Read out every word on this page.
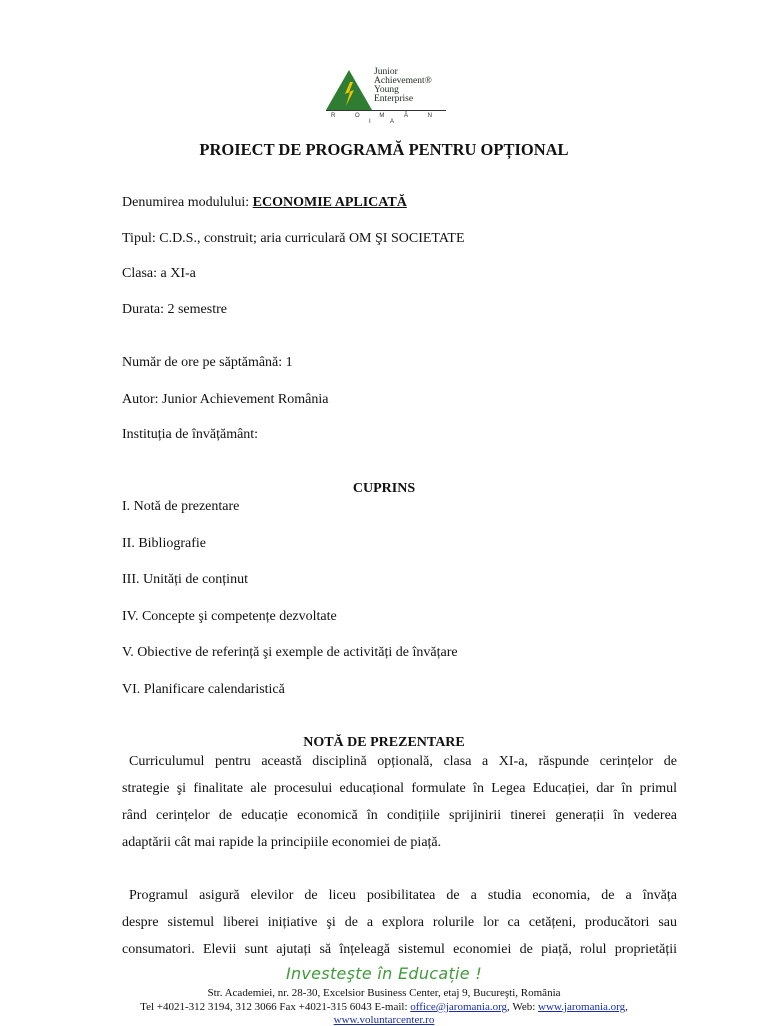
Junior
Achievement®
Young
Enterprise
R O M Â N I A
PROIECT DE PROGRAMĂ PENTRU OPȚIONAL
Denumirea modulului: ECONOMIE APLICATĂ
Tipul: C.D.S., construit; aria curriculară OM ŞI SOCIETATE
Clasa: a XI-a
Durata: 2 semestre
Număr de ore pe săptămână: 1
Autor: Junior Achievement România
Instituția de învățământ:
CUPRINS
I. Notă de prezentare
II. Bibliografie
III. Unități de conținut
IV. Concepte şi competențe dezvoltate
V. Obiective de referință şi exemple de activități de învățare
VI. Planificare calendaristică
NOTĂ DE PREZENTARE
Curriculumul pentru această disciplină opțională, clasa a XI-a, răspunde cerințelor de
strategie şi finalitate ale procesului educațional formulate în Legea Educației, dar în primul
rând cerințelor de educație economică în condițiile sprijinirii tinerei generații în vederea
adaptării cât mai rapide la principiile economiei de piață.
Programul asigură elevilor de liceu posibilitatea de a studia economia, de a învăța
despre sistemul liberei inițiative şi de a explora rolurile lor ca cetățeni, producători sau
consumatori. Elevii sunt ajutați să înțeleagă sistemul economiei de piață, rolul proprietății
Investeşte în Educație !
Str. Academiei, nr. 28-30, Excelsior Business Center, etaj 9, Bucureşti, România
Tel +4021-312 3194, 312 3066 Fax +4021-315 6043 E-mail: office@jaromania.org, Web: www.jaromania.org,
www.voluntarcenter.ro
